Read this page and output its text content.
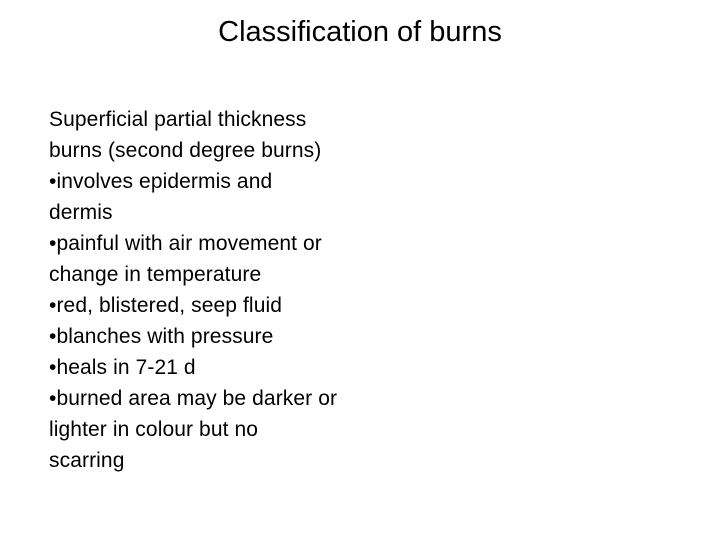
Classification of burns
Superficial partial thickness
burns (second degree burns)
•involves epidermis and
dermis
•painful with air movement or
change in temperature
•red, blistered, seep fluid
•blanches with pressure
•heals in 7-21 d
•burned area may be darker or
lighter in colour but no
scarring
